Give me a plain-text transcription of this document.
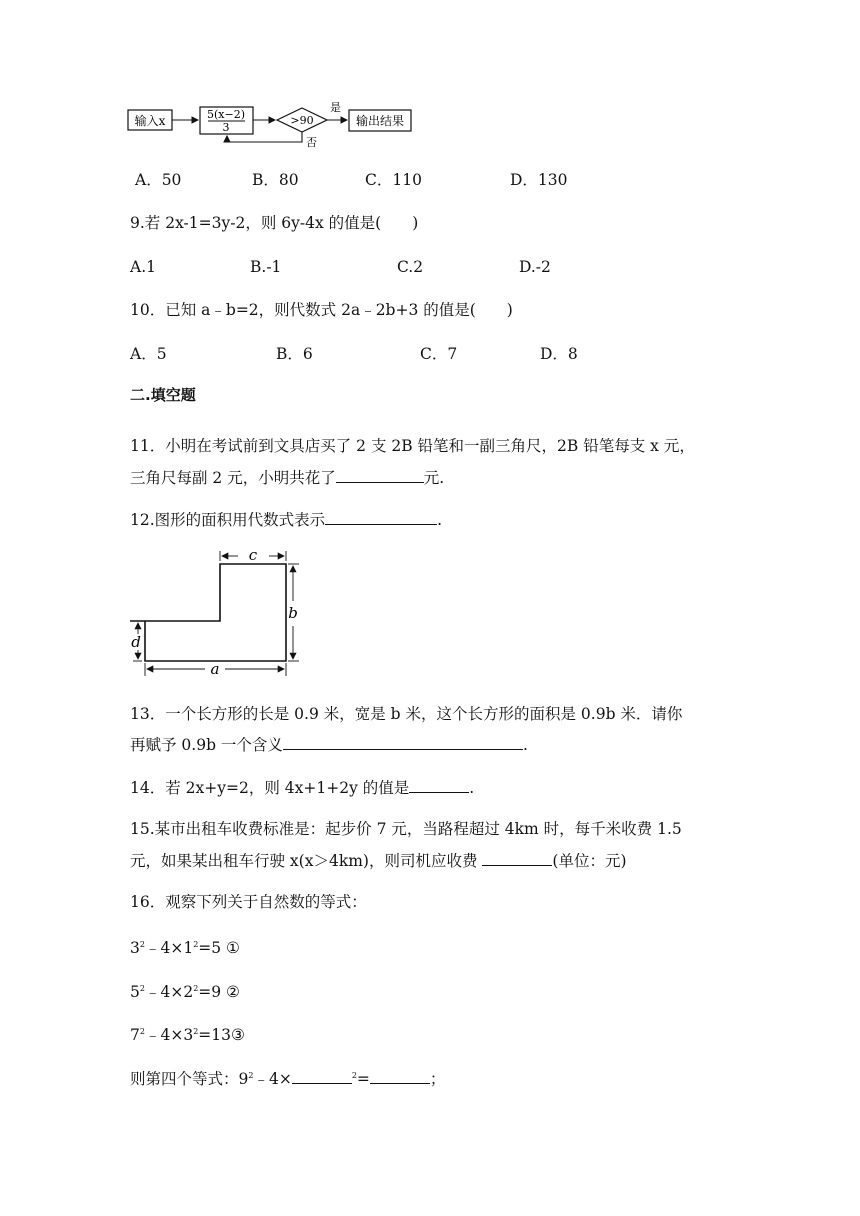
输入x	5(x−2)
3
>90
是
输出结果
否
A．50	B．80	C．110	D．130
9.若 2x-1=3y-2，则 6y-4x 的值是(　　)
A.1	B.-1	C.2	D.-2
10．已知 a﹣b=2，则代数式 2a﹣2b+3 的值是(　　)
A．5	B．6	C．7	D．8
二.填空题
11．小明在考试前到文具店买了 2 支 2B 铅笔和一副三角尺，2B 铅笔每支 x 元，
三角尺每副 2 元，小明共花了	元.
12.图形的面积用代数式表示	.
c
b
d
a
13．一个长方形的长是 0.9 米，宽是 b 米，这个长方形的面积是 0.9b 米．请你
再赋予 0.9b 一个含义	.
14．若 2x+y=2，则 4x+1+2y 的值是	.
15.某市出租车收费标准是：起步价 7 元，当路程超过 4km 时，每千米收费 1.5
元，如果某出租车行驶 x(x＞4km)，则司机应收费	(单位：元)
16．观察下列关于自然数的等式：
$3^2﹣4\times 1^2=5$ ①
$5^2﹣4\times 2^2=9$ ②
$7^2﹣4\times 3^2=13③$
则第四个等式：$9^2﹣4\times$	$^2$=	；
